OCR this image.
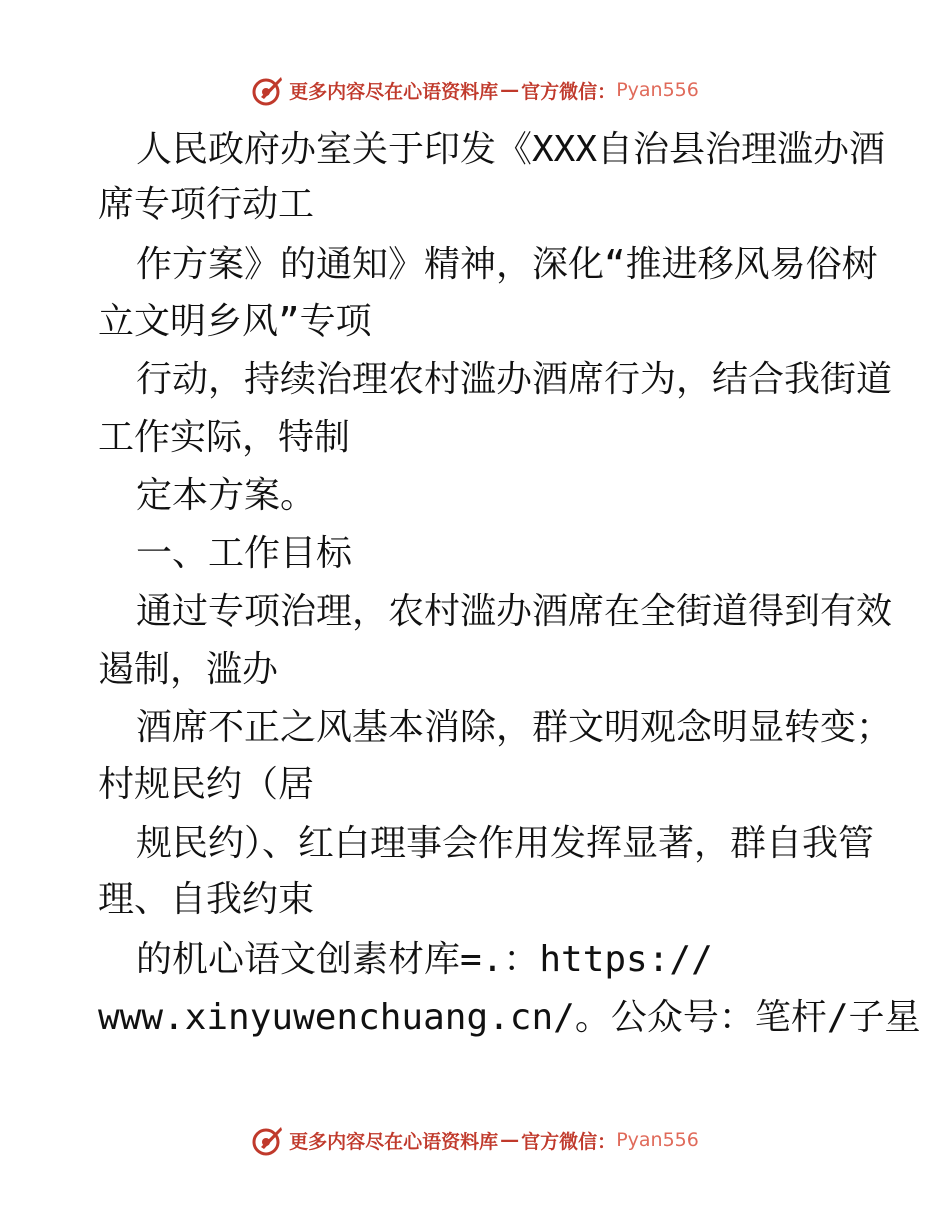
更多内容尽在心语资料库 — 官方微信： Pyan556
人民政府办室关于印发《XXX自治县治理滥办酒
席专项行动工
作方案》的通知》精神，深化“推进移风易俗树
立文明乡风”专项
行动，持续治理农村滥办酒席行为，结合我街道
工作实际，特制
定本方案。
一、工作目标
通过专项治理，农村滥办酒席在全街道得到有效
遏制，滥办
酒席不正之风基本消除，群文明观念明显转变；
村规民约（居
规民约）、红白理事会作用发挥显著，群自我管
理、自我约束
的机心语文创素材库=.：https://
www.xinyuwenchuang.cn/。公众号：笔杆/子星
更多内容尽在心语资料库 — 官方微信： Pyan556
